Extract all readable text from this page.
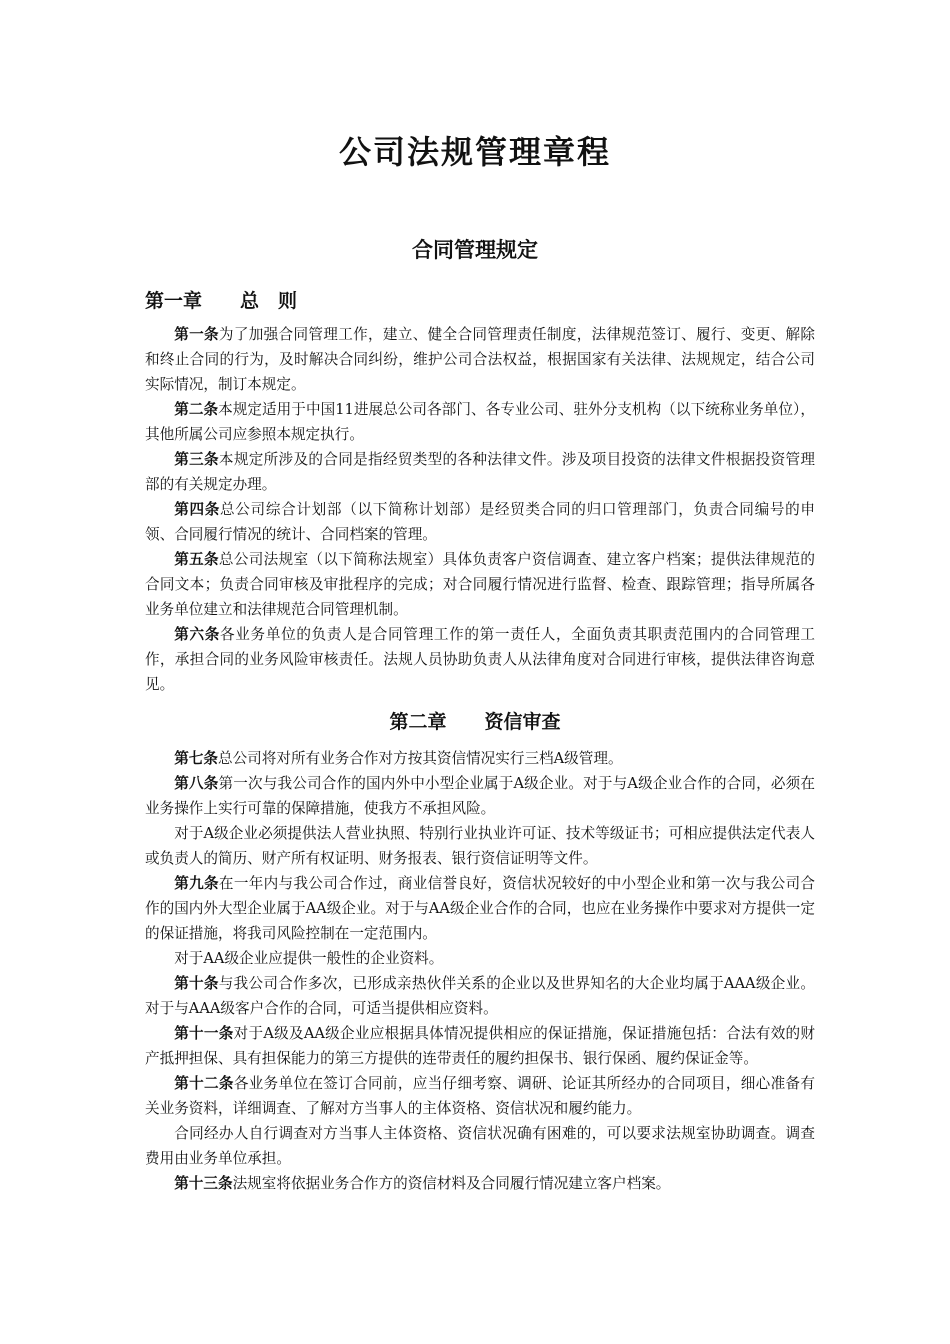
公司法规管理章程
合同管理规定
第一章　　总　则

第一条为了加强合同管理工作，建立、健全合同管理责任制度，法律规范签订、履行、变更、解除和终止合同的行为，及时解决合同纠纷，维护公司合法权益，根据国家有关法律、法规规定，结合公司实际情况，制订本规定。

第二条本规定适用于中国11进展总公司各部门、各专业公司、驻外分支机构（以下统称业务单位），其他所属公司应参照本规定执行。

第三条本规定所涉及的合同是指经贸类型的各种法律文件。涉及项目投资的法律文件根据投资管理部的有关规定办理。

第四条总公司综合计划部（以下简称计划部）是经贸类合同的归口管理部门，负责合同编号的申领、合同履行情况的统计、合同档案的管理。

第五条总公司法规室（以下简称法规室）具体负责客户资信调查、建立客户档案；提供法律规范的合同文本；负责合同审核及审批程序的完成；对合同履行情况进行监督、检查、跟踪管理；指导所属各业务单位建立和法律规范合同管理机制。

第六条各业务单位的负责人是合同管理工作的第一责任人，全面负责其职责范围内的合同管理工作，承担合同的业务风险审核责任。法规人员协助负责人从法律角度对合同进行审核，提供法律咨询意见。

第二章　　资信审查

第七条总公司将对所有业务合作对方按其资信情况实行三档A级管理。

第八条第一次与我公司合作的国内外中小型企业属于A级企业。对于与A级企业合作的合同，必须在业务操作上实行可靠的保障措施，使我方不承担风险。

对于A级企业必须提供法人营业执照、特别行业执业许可证、技术等级证书；可相应提供法定代表人或负责人的简历、财产所有权证明、财务报表、银行资信证明等文件。

第九条在一年内与我公司合作过，商业信誉良好，资信状况较好的中小型企业和第一次与我公司合作的国内外大型企业属于AA级企业。对于与AA级企业合作的合同，也应在业务操作中要求对方提供一定的保证措施，将我司风险控制在一定范围内。

对于AA级企业应提供一般性的企业资料。

第十条与我公司合作多次，已形成亲热伙伴关系的企业以及世界知名的大企业均属于AAA级企业。对于与AAA级客户合作的合同，可适当提供相应资料。

第十一条对于A级及AA级企业应根据具体情况提供相应的保证措施，保证措施包括：合法有效的财产抵押担保、具有担保能力的第三方提供的连带责任的履约担保书、银行保函、履约保证金等。

第十二条各业务单位在签订合同前，应当仔细考察、调研、论证其所经办的合同项目，细心准备有关业务资料，详细调查、了解对方当事人的主体资格、资信状况和履约能力。

合同经办人自行调查对方当事人主体资格、资信状况确有困难的，可以要求法规室协助调查。调查费用由业务单位承担。

第十三条法规室将依据业务合作方的资信材料及合同履行情况建立客户档案。
